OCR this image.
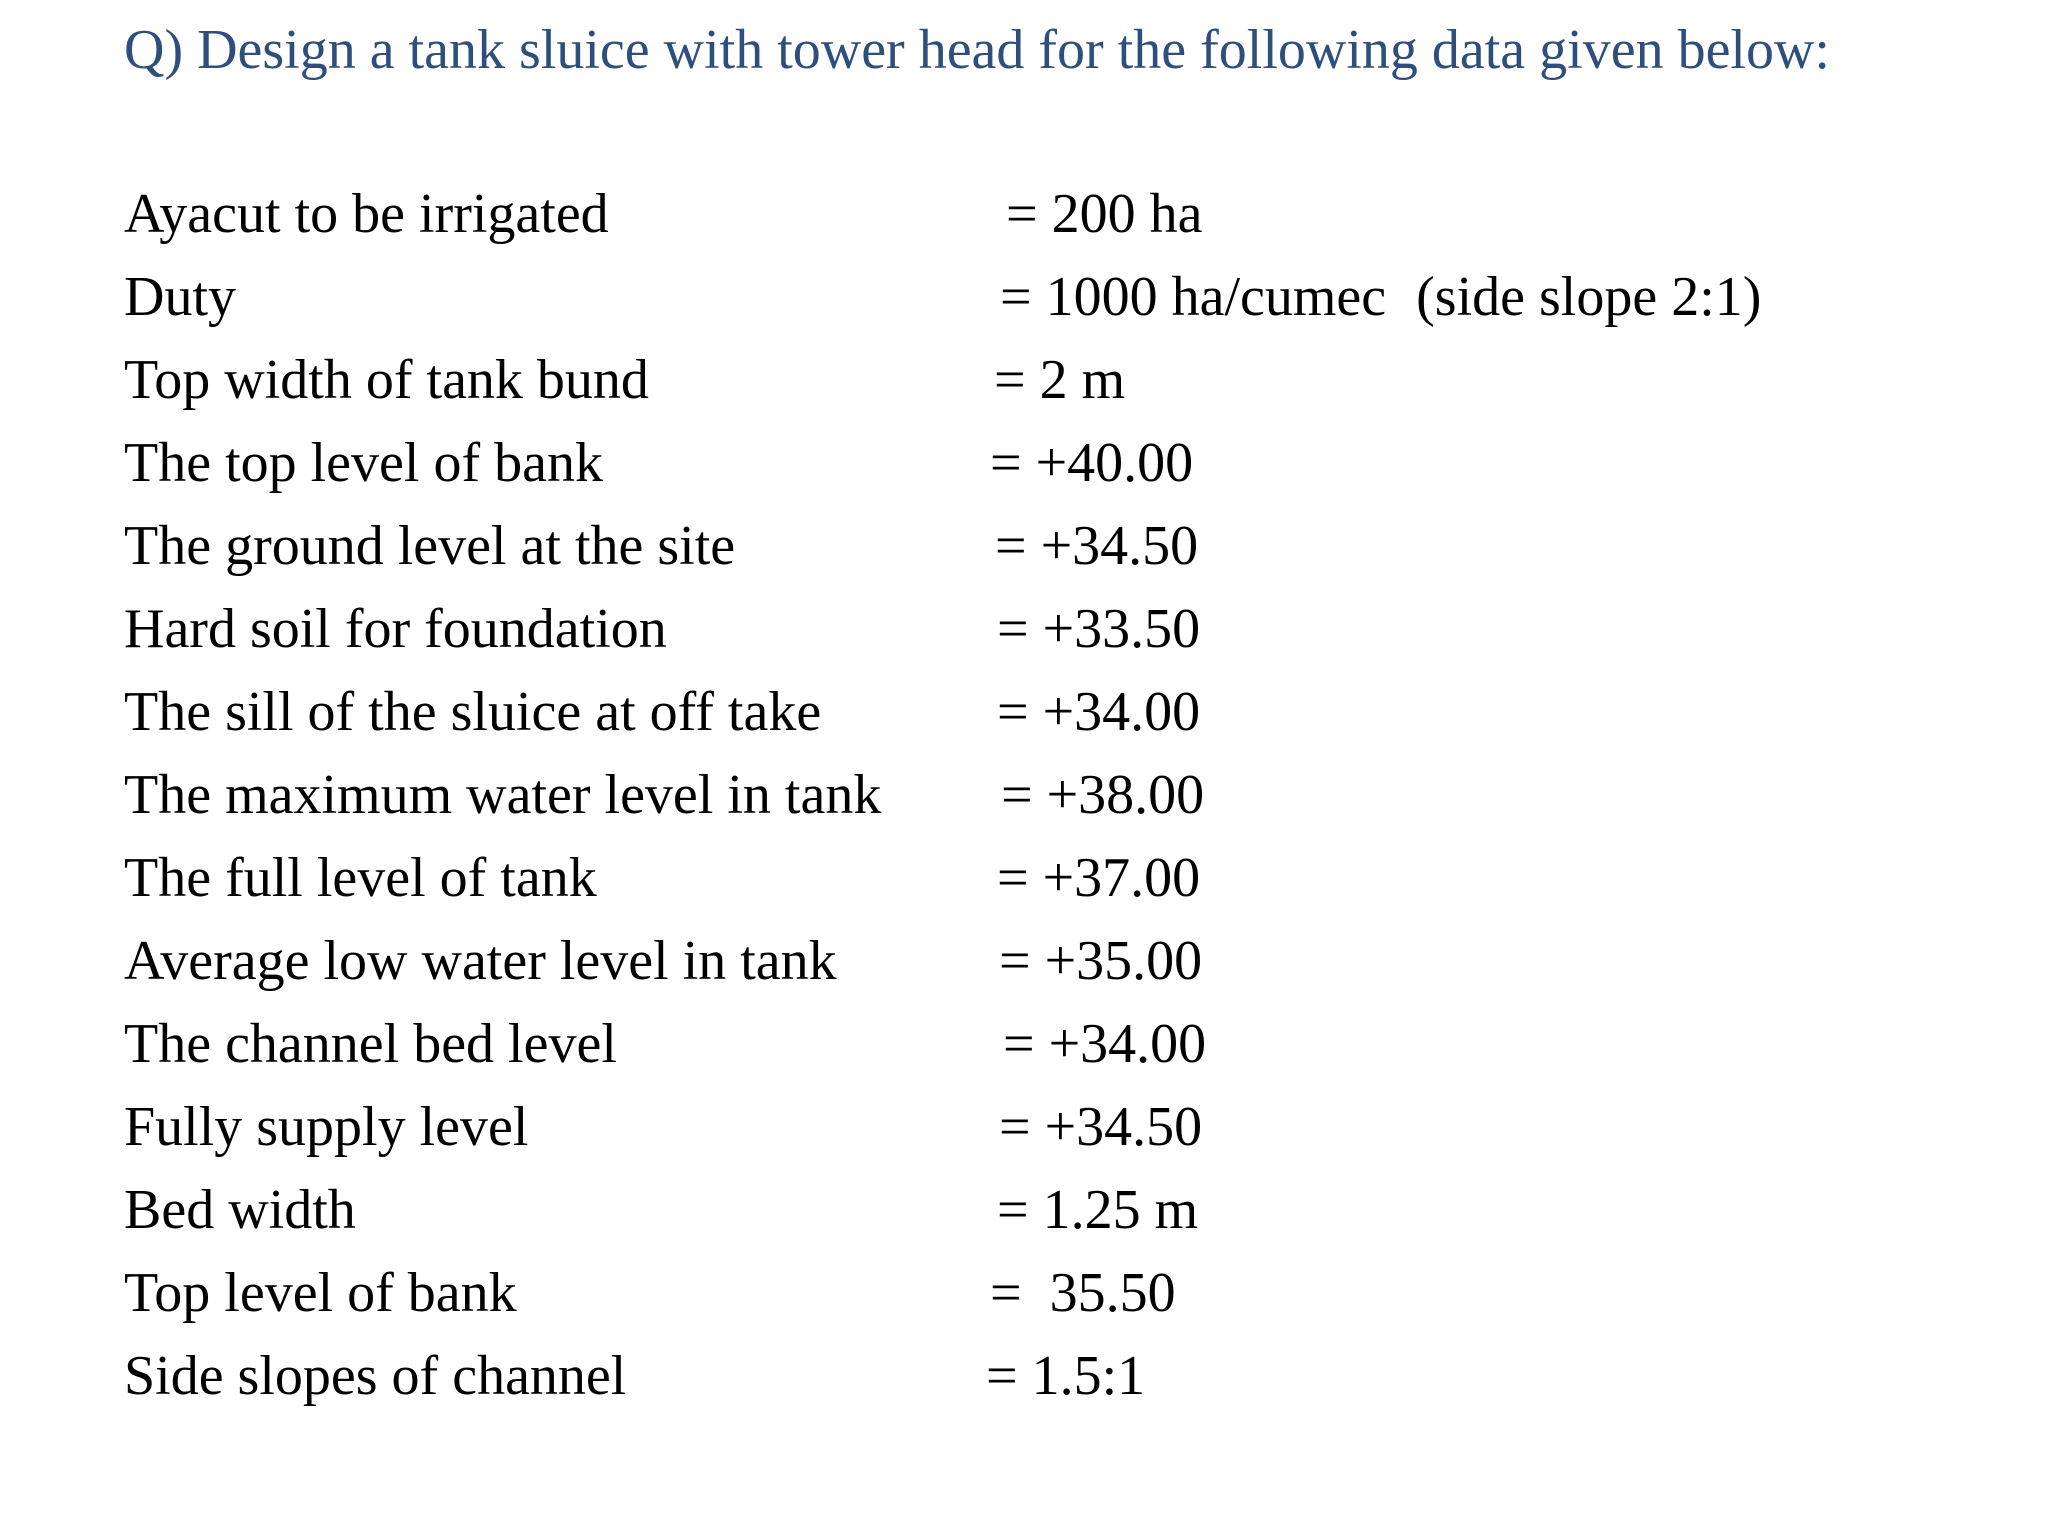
Q) Design a tank sluice with tower head for the following data given below:
Ayacut to be irrigated	= 200 ha
Duty	= 1000 ha/cumec (side slope 2:1)
Top width of tank bund	= 2 m
The top level of bank	= +40.00
The ground level at the site	= +34.50
Hard soil for foundation	= +33.50
The sill of the sluice at off take	= +34.00
The maximum water level in tank = +38.00
The full level of tank	= +37.00
Average low water level in tank	= +35.00
The channel bed level	= +34.00
Fully supply level	= +34.50
Bed width	= 1.25 m
Top level of bank	=  35.50
Side slopes of channel	= 1.5:1
